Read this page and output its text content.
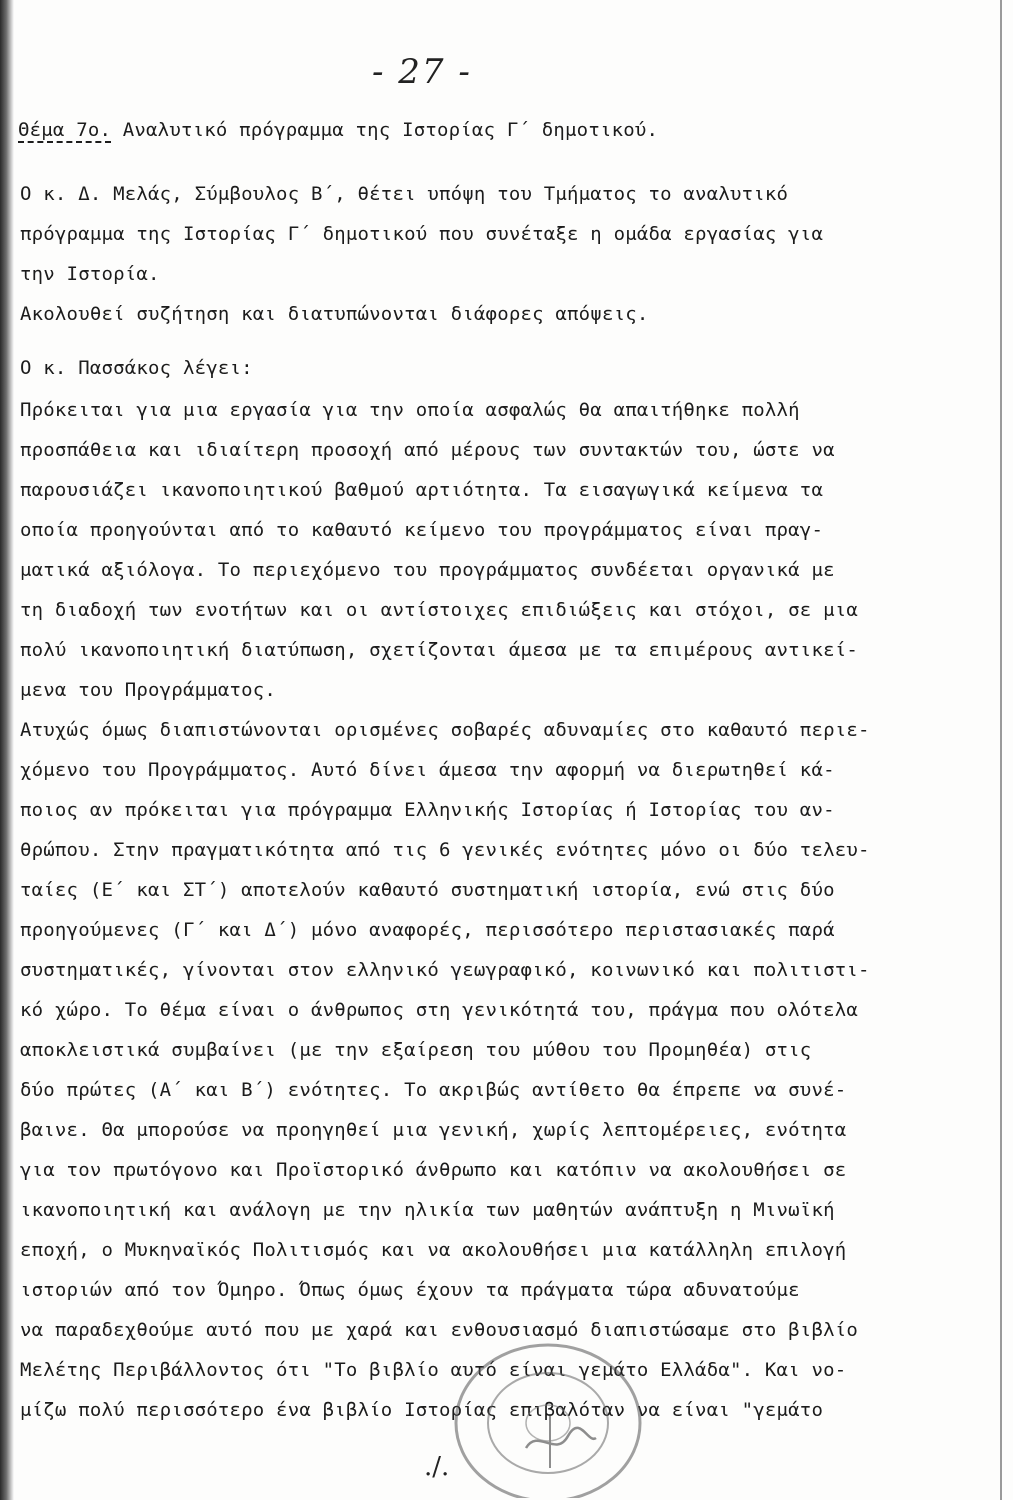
- 27 -
Θέμα 7ο. Αναλυτικό πρόγραμμα της Ιστορίας Γ΄ δημοτικού.
Ο κ. Δ. Μελάς, Σύμβουλος Β΄, θέτει υπόψη του Τμήματος το αναλυτικό
πρόγραμμα της Ιστορίας Γ΄ δημοτικού που συνέταξε η ομάδα εργασίας για
την Ιστορία.
Ακολουθεί συζήτηση και διατυπώνονται διάφορες απόψεις.
Ο κ. Πασσάκος λέγει:
Πρόκειται για μια εργασία για την οποία ασφαλώς θα απαιτήθηκε πολλή
προσπάθεια και ιδιαίτερη προσοχή από μέρους των συντακτών του, ώστε να
παρουσιάζει ικανοποιητικού βαθμού αρτιότητα. Τα εισαγωγικά κείμενα τα
οποία προηγούνται από το καθαυτό κείμενο του προγράμματος είναι πραγ-
ματικά αξιόλογα. Το περιεχόμενο του προγράμματος συνδέεται οργανικά με
τη διαδοχή των ενοτήτων και οι αντίστοιχες επιδιώξεις και στόχοι, σε μια
πολύ ικανοποιητική διατύπωση, σχετίζονται άμεσα με τα επιμέρους αντικεί-
μενα του Προγράμματος.
Ατυχώς όμως διαπιστώνονται ορισμένες σοβαρές αδυναμίες στο καθαυτό περιε-
χόμενο του Προγράμματος. Αυτό δίνει άμεσα την αφορμή να διερωτηθεί κά-
ποιος αν πρόκειται για πρόγραμμα Ελληνικής Ιστορίας ή Ιστορίας του αν-
θρώπου. Στην πραγματικότητα από τις 6 γενικές ενότητες μόνο οι δύο τελευ-
ταίες (Ε΄ και ΣΤ΄) αποτελούν καθαυτό συστηματική ιστορία, ενώ στις δύο
προηγούμενες (Γ΄ και Δ΄) μόνο αναφορές, περισσότερο περιστασιακές παρά
συστηματικές, γίνονται στον ελληνικό γεωγραφικό, κοινωνικό και πολιτιστι-
κό χώρο. Το θέμα είναι ο άνθρωπος στη γενικότητά του, πράγμα που ολότελα
αποκλειστικά συμβαίνει (με την εξαίρεση του μύθου του Προμηθέα) στις
δύο πρώτες (Α΄ και Β΄) ενότητες. Το ακριβώς αντίθετο θα έπρεπε να συνέ-
βαινε. Θα μπορούσε να προηγηθεί μια γενική, χωρίς λεπτομέρειες, ενότητα
για τον πρωτόγονο και Προϊστορικό άνθρωπο και κατόπιν να ακολουθήσει σε
ικανοποιητική και ανάλογη με την ηλικία των μαθητών ανάπτυξη η Μινωϊκή
εποχή, ο Μυκηναϊκός Πολιτισμός και να ακολουθήσει μια κατάλληλη επιλογή
ιστοριών από τον Όμηρο. Όπως όμως έχουν τα πράγματα τώρα αδυνατούμε
να παραδεχθούμε αυτό που με χαρά και ενθουσιασμό διαπιστώσαμε στο βιβλίο
Μελέτης Περιβάλλοντος ότι "Το βιβλίο αυτό είναι γεμάτο Ελλάδα". Και νο-
μίζω πολύ περισσότερο ένα βιβλίο Ιστορίας επιβαλόταν να είναι "γεμάτο
./.
